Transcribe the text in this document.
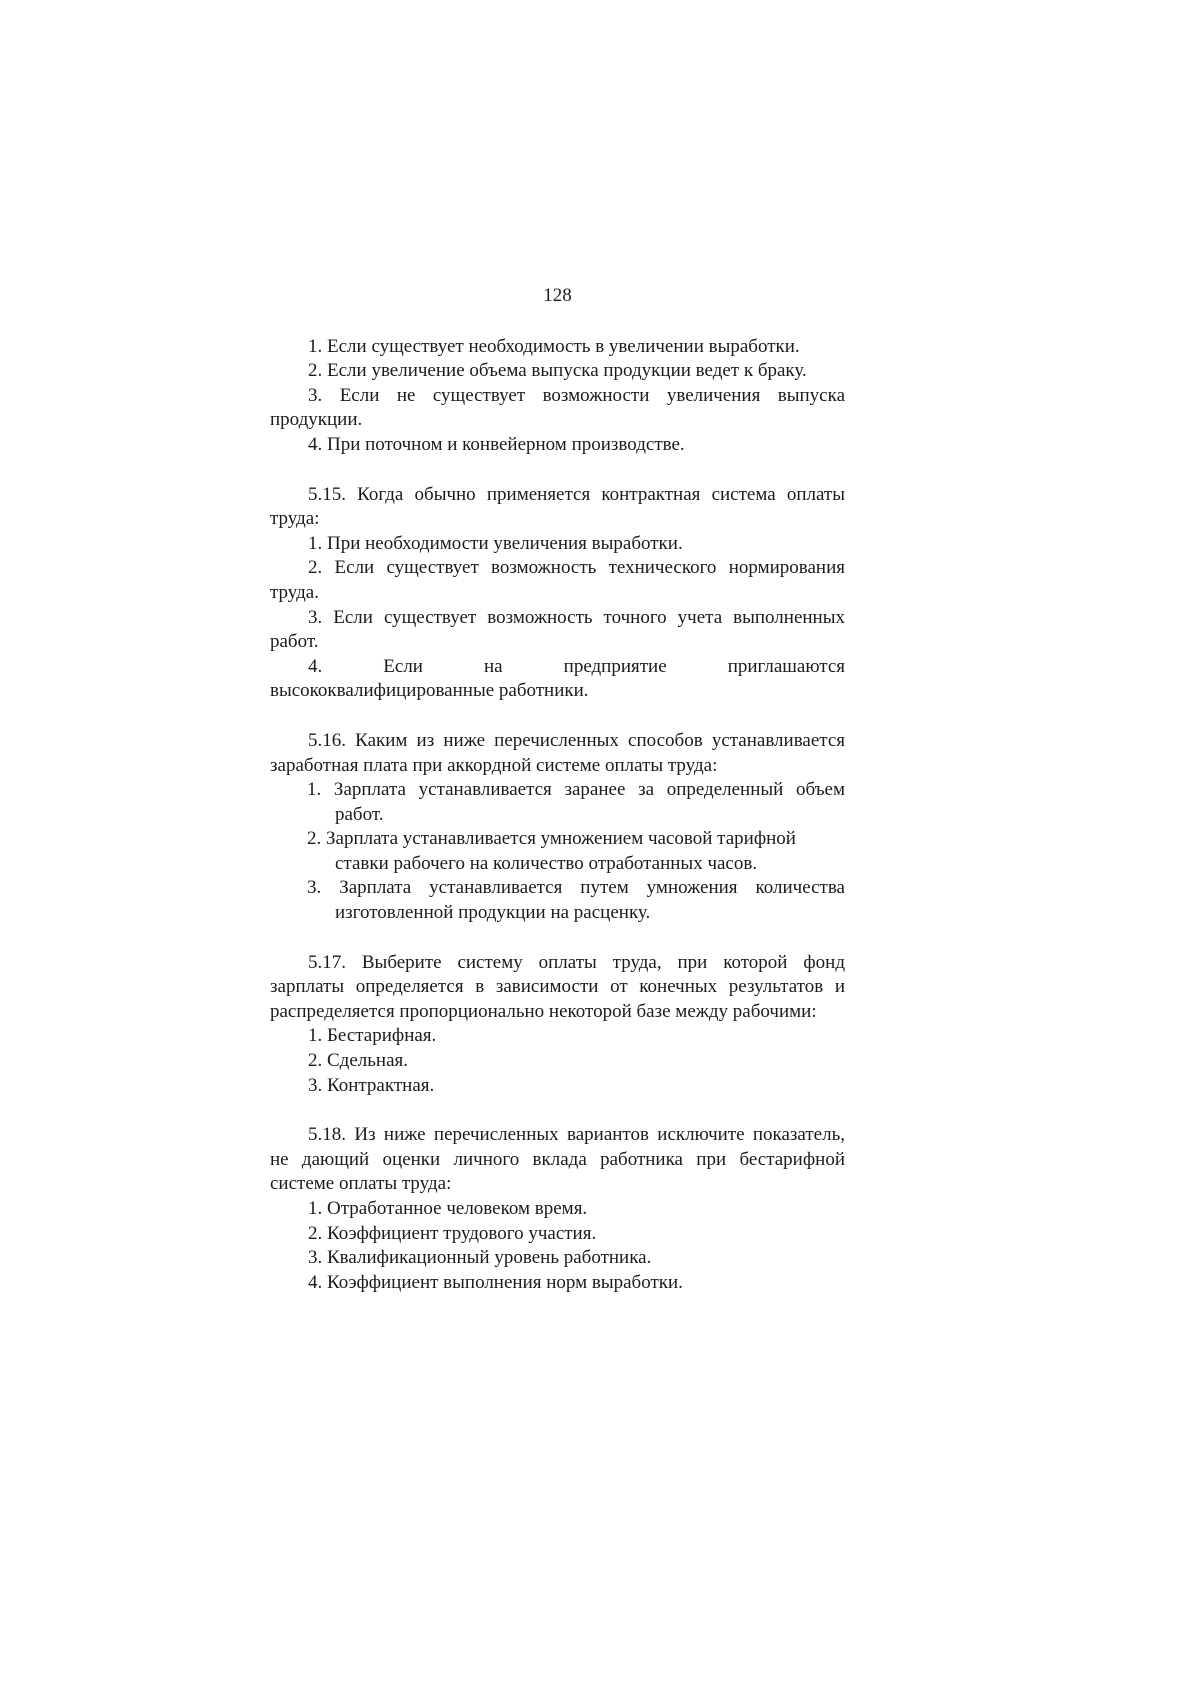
128

1. Если существует необходимость в увеличении выработки.

2. Если увеличение объема выпуска продукции ведет к браку.

3. Если не существует возможности увеличения выпуска продукции.

4. При поточном и конвейерном производстве.

5.15. Когда обычно применяется контрактная система оплаты труда:

1. При необходимости увеличения выработки.

2. Если существует возможность технического нормирования труда.

3. Если существует возможность точного учета выполненных работ.

4. Если на предприятие приглашаются высококвалифицированные работники.

5.16. Каким из ниже перечисленных способов устанавливается заработная плата при аккордной системе оплаты труда:

1. Зарплата устанавливается заранее за определенный объем работ.

2. Зарплата устанавливается умножением часовой тарифной ставки рабочего на количество отработанных часов.

3. Зарплата устанавливается путем умножения количества изготовленной продукции на расценку.

5.17. Выберите систему оплаты труда, при которой фонд зарплаты определяется в зависимости от конечных результатов и распределяется пропорционально некоторой базе между рабочими:

1. Бестарифная.

2. Сдельная.

3. Контрактная.

5.18. Из ниже перечисленных вариантов исключите показатель, не дающий оценки личного вклада работника при бестарифной системе оплаты труда:

1. Отработанное человеком время.

2. Коэффициент трудового участия.

3. Квалификационный уровень работника.

4. Коэффициент выполнения норм выработки.
